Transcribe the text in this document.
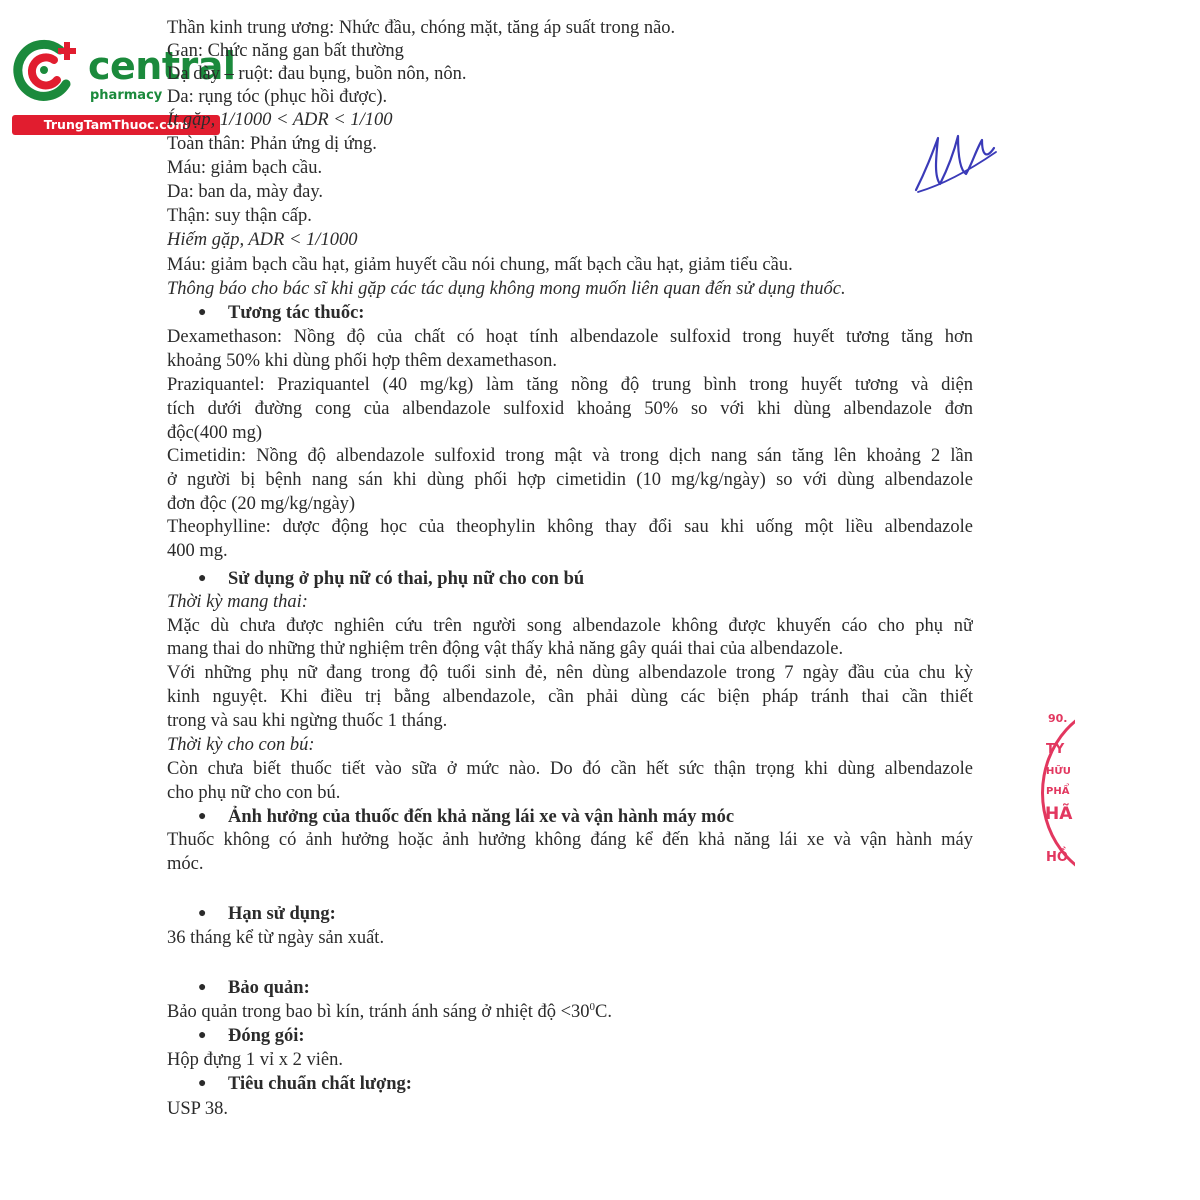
central
pharmacy
TrungTamThuoc.com
90.
TY
HỮU
PHẨ
HÃ
HỒ
Thần kinh trung ương: Nhức đầu, chóng mặt, tăng áp suất trong não.
Gan: Chức năng gan bất thường
Dạ dày – ruột: đau bụng, buồn nôn, nôn.
Da: rụng tóc (phục hồi được).
Ít gặp, 1/1000 < ADR < 1/100
Toàn thân: Phản ứng dị ứng.
Máu: giảm bạch cầu.
Da: ban da, mày đay.
Thận: suy thận cấp.
Hiếm gặp, ADR < 1/1000
Máu: giảm bạch cầu hạt, giảm huyết cầu nói chung, mất bạch cầu hạt, giảm tiểu cầu.
Thông báo cho bác sĩ khi gặp các tác dụng không mong muốn liên quan đến sử dụng thuốc.
● Tương tác thuốc:
Dexamethason: Nồng độ của chất có hoạt tính albendazole sulfoxid trong huyết tương tăng hơn
khoảng 50% khi dùng phối hợp thêm dexamethason.
Praziquantel: Praziquantel (40 mg/kg) làm tăng nồng độ trung bình trong huyết tương và diện
tích dưới đường cong của albendazole sulfoxid khoảng 50% so với khi dùng albendazole đơn
độc(400 mg)
Cimetidin: Nồng độ albendazole sulfoxid trong mật và trong dịch nang sán tăng lên khoảng 2 lần
ở người bị bệnh nang sán khi dùng phối hợp cimetidin (10 mg/kg/ngày) so với dùng albendazole
đơn độc (20 mg/kg/ngày)
Theophylline: dược động học của theophylin không thay đổi sau khi uống một liều albendazole
400 mg.
● Sử dụng ở phụ nữ có thai, phụ nữ cho con bú
Thời kỳ mang thai:
Mặc dù chưa được nghiên cứu trên người song albendazole không được khuyến cáo cho phụ nữ
mang thai do những thử nghiệm trên động vật thấy khả năng gây quái thai của albendazole.
Với những phụ nữ đang trong độ tuổi sinh đẻ, nên dùng albendazole trong 7 ngày đầu của chu kỳ
kinh nguyệt. Khi điều trị bằng albendazole, cần phải dùng các biện pháp tránh thai cần thiết
trong và sau khi ngừng thuốc 1 tháng.
Thời kỳ cho con bú:
Còn chưa biết thuốc tiết vào sữa ở mức nào. Do đó cần hết sức thận trọng khi dùng albendazole
cho phụ nữ cho con bú.
● Ảnh hưởng của thuốc đến khả năng lái xe và vận hành máy móc
Thuốc không có ảnh hưởng hoặc ảnh hưởng không đáng kể đến khả năng lái xe và vận hành máy
móc.
● Hạn sử dụng:
36 tháng kể từ ngày sản xuất.
● Bảo quản:
Bảo quản trong bao bì kín, tránh ánh sáng ở nhiệt độ $<30^0C$.
● Đóng gói:
Hộp đựng 1 vỉ x 2 viên.
● Tiêu chuẩn chất lượng:
USP 38.
